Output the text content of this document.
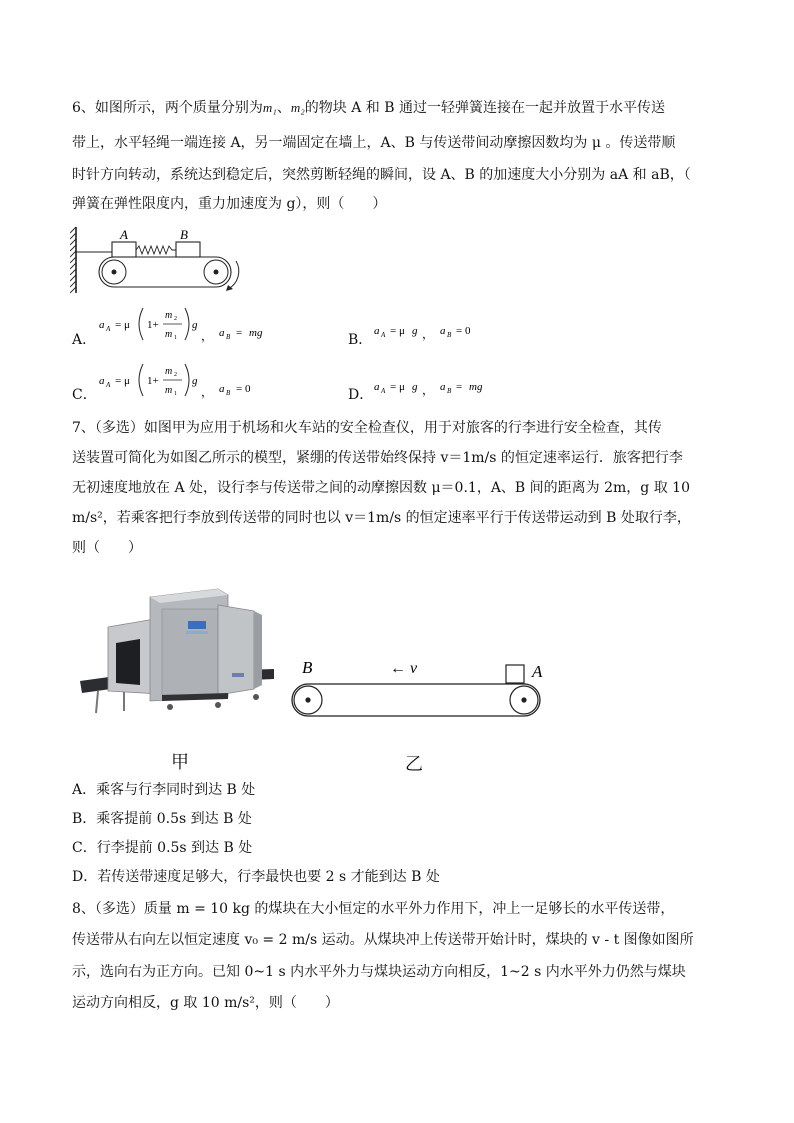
6、如图所示，两个质量分别为m₁、m₂的物块 A 和 B 通过一轻弹簧连接在一起并放置于水平传送
带上，水平轻绳一端连接 A，另一端固定在墙上，A、B 与传送带间动摩擦因数均为 μ 。传送带顺
时针方向转动，系统达到稳定后，突然剪断轻绳的瞬间，设 A、B 的加速度大小分别为 aA 和 aB，（
弹簧在弹性限度内，重力加速度为 g），则（　　）
A	B
A．
a A = μ 1+
m 2
m 1
g
， a B = mg	B．
a A = μ g ， a B = 0
C．
a A = μ 1+
m 2
m 1
g
， a B = 0	D． a A = μ g ， a B = mg
7、（多选）如图甲为应用于机场和火车站的安全检查仪，用于对旅客的行李进行安全检查，其传
送装置可简化为如图乙所示的模型，紧绷的传送带始终保持 v＝1m/s 的恒定速率运行．旅客把行李
无初速度地放在 A 处，设行李与传送带之间的动摩擦因数 μ＝0.1，A、B 间的距离为 2m，g 取 10
m/s²，若乘客把行李放到传送带的同时也以 v＝1m/s 的恒定速率平行于传送带运动到 B 处取行李，
则（　　）
B	← v	A
甲	乙
A．乘客与行李同时到达 B 处
B．乘客提前 0.5s 到达 B 处
C．行李提前 0.5s 到达 B 处
D．若传送带速度足够大，行李最快也要 2 s 才能到达 B 处
8、（多选）质量 m = 10 kg 的煤块在大小恒定的水平外力作用下，冲上一足够长的水平传送带，
传送带从右向左以恒定速度 v₀ = 2 m/s 运动。从煤块冲上传送带开始计时，煤块的 v - t 图像如图所
示，选向右为正方向。已知 0~1 s 内水平外力与煤块运动方向相反，1~2 s 内水平外力仍然与煤块
运动方向相反，g 取 10 m/s²，则（　　）
